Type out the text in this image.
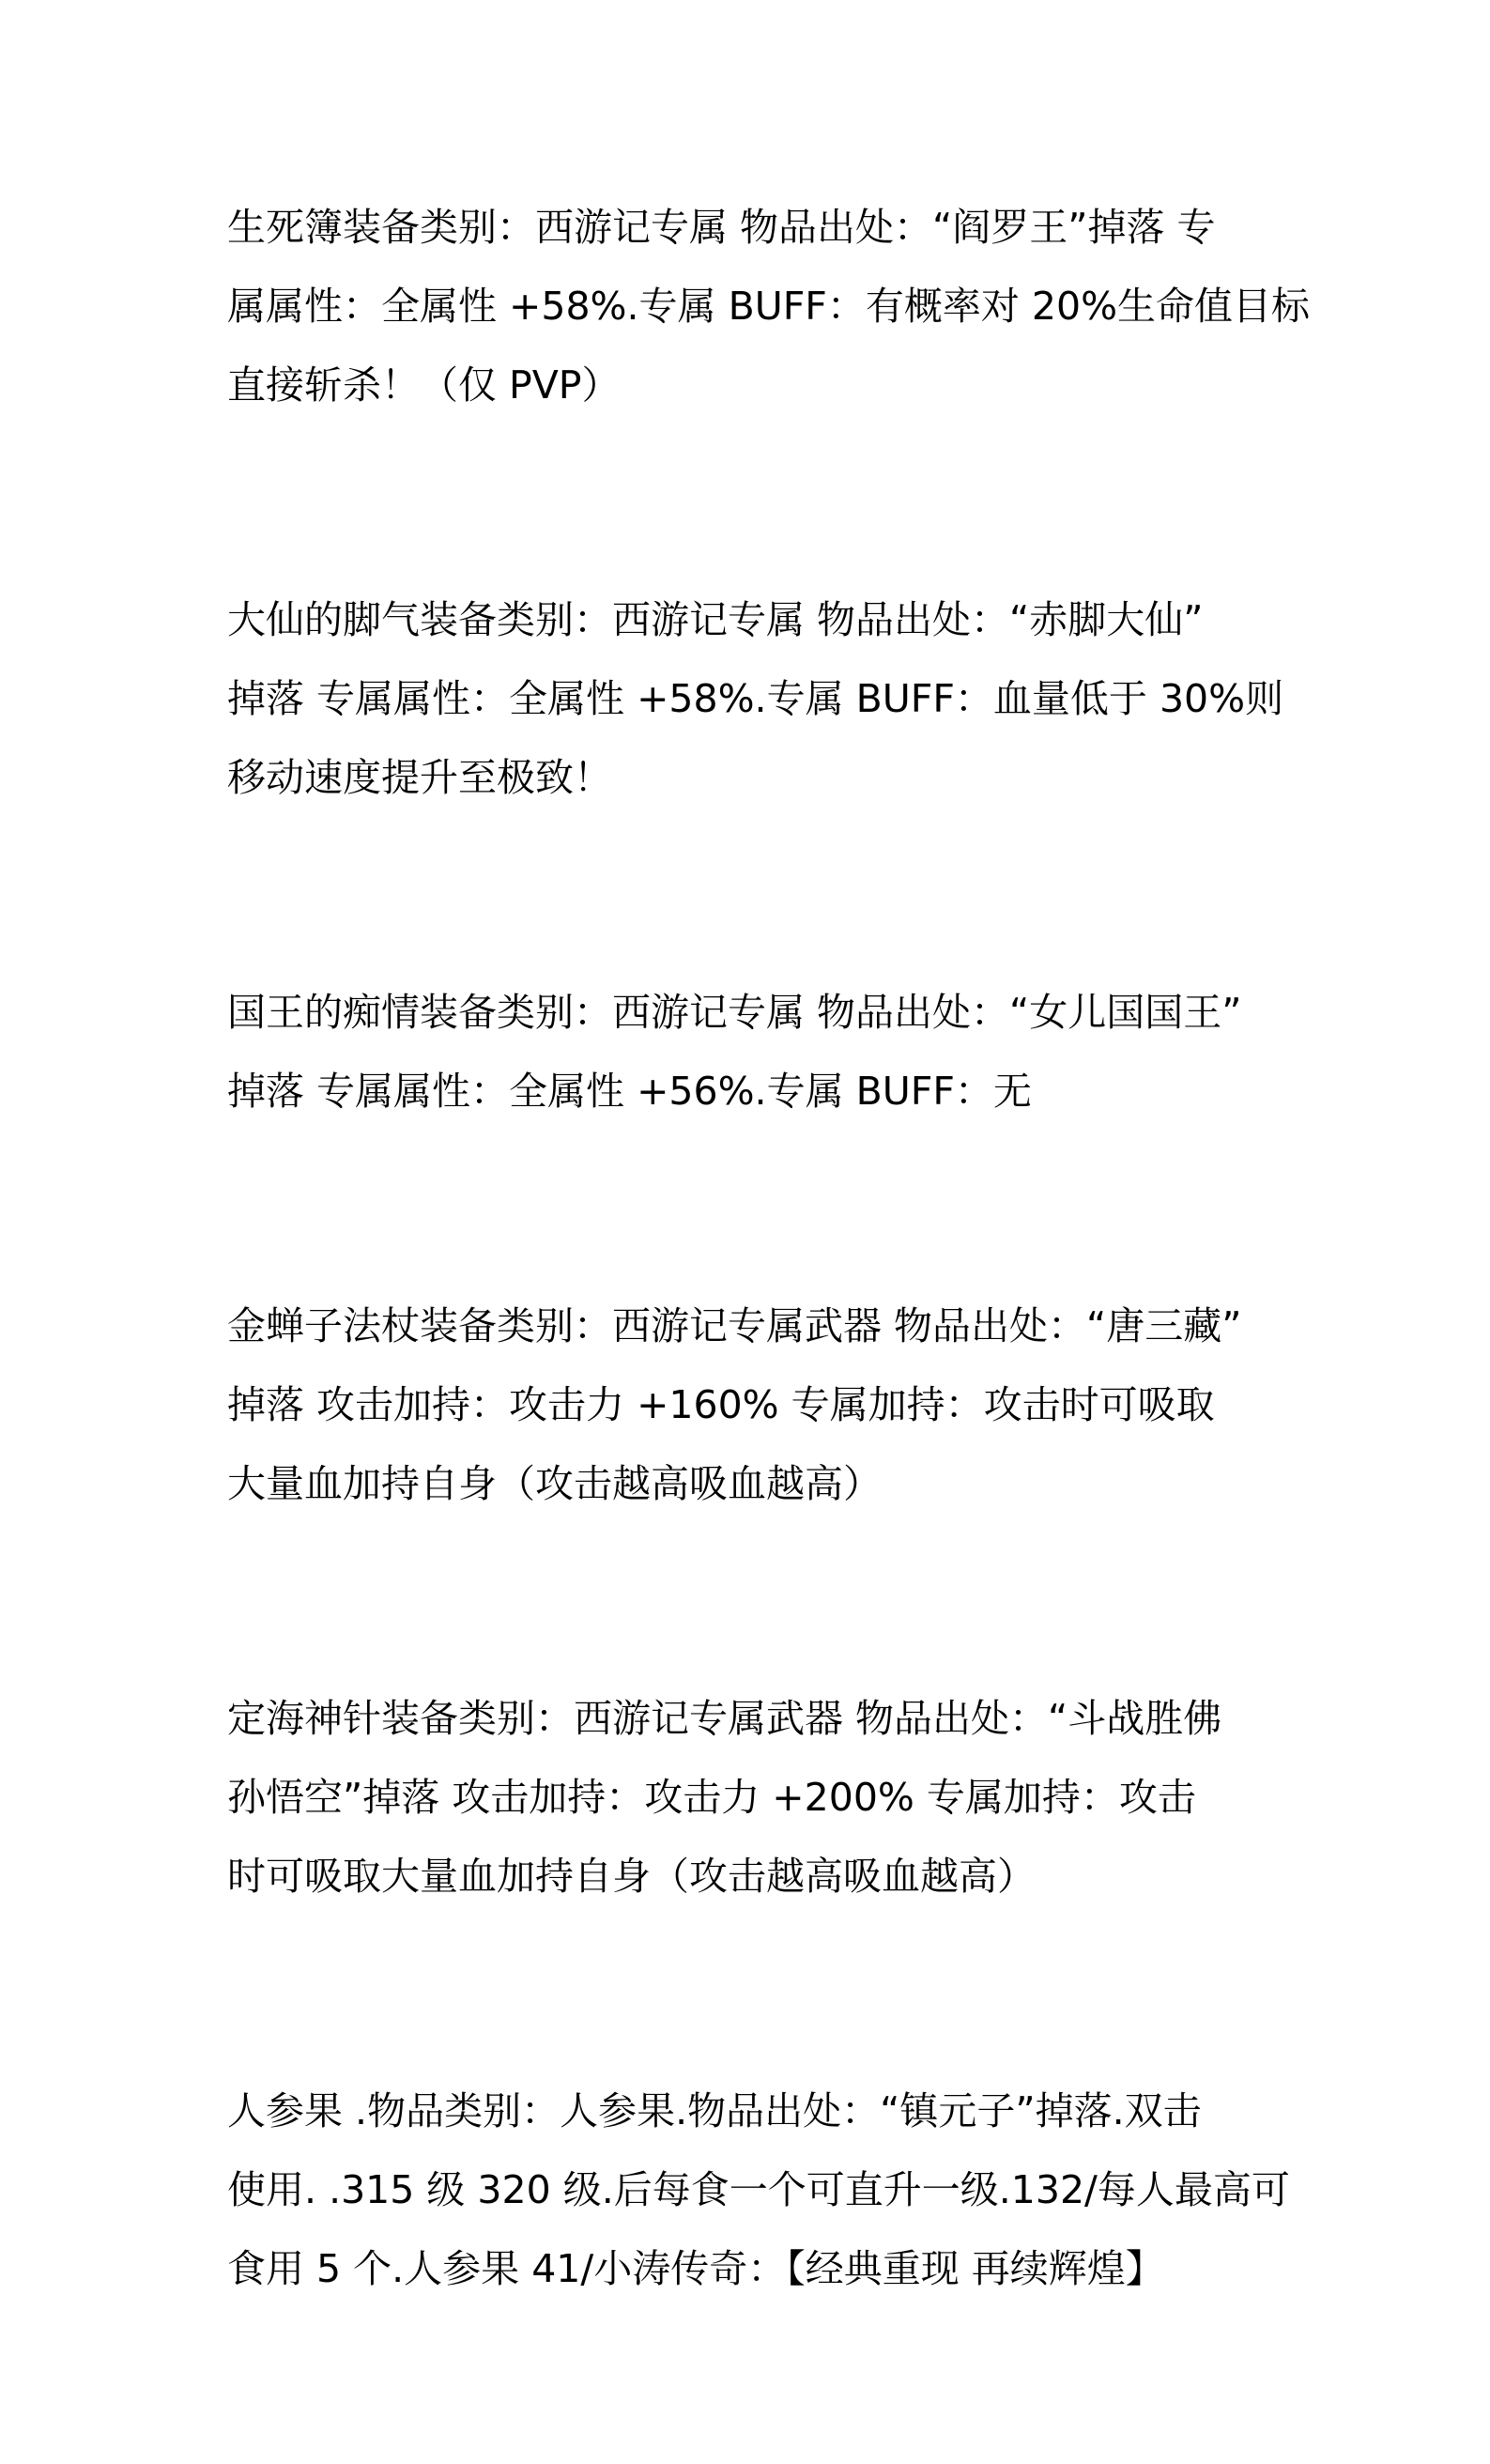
生死簿装备类别：西游记专属 物品出处：“阎罗王”掉落 专
属属性：全属性 +58%.专属 BUFF：有概率对 20%生命值目标
直接斩杀！（仅 PVP）
大仙的脚气装备类别：西游记专属 物品出处：“赤脚大仙”
掉落 专属属性：全属性 +58%.专属 BUFF：血量低于 30%则
移动速度提升至极致！
国王的痴情装备类别：西游记专属 物品出处：“女儿国国王”
掉落 专属属性：全属性 +56%.专属 BUFF：无
金蝉子法杖装备类别：西游记专属武器 物品出处：“唐三藏”
掉落 攻击加持：攻击力 +160% 专属加持：攻击时可吸取
大量血加持自身（攻击越高吸血越高）
定海神针装备类别：西游记专属武器 物品出处：“斗战胜佛
孙悟空”掉落 攻击加持：攻击力 +200% 专属加持：攻击
时可吸取大量血加持自身（攻击越高吸血越高）
人参果 .物品类别：人参果.物品出处：“镇元子”掉落.双击
使用. .315 级 320 级.后每食一个可直升一级.132/每人最高可
食用 5 个.人参果 41/小涛传奇：【经典重现 再续辉煌】
